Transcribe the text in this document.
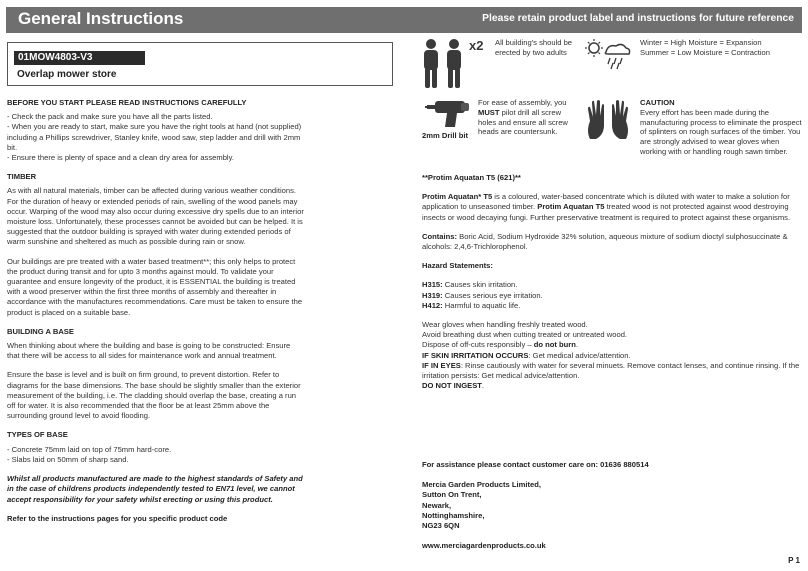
General Instructions	Please retain product label and instructions for future reference
01MOW4803-V3
Overlap mower store
BEFORE YOU START PLEASE READ INSTRUCTIONS CAREFULLY
- Check the pack and make sure you have all the parts listed.
- When you are ready to start, make sure you have the right tools at hand (not supplied) including a Phillips screwdriver, Stanley knife, wood saw, step ladder and drill with 2mm bit.
- Ensure there is plenty of space and a clean dry area for assembly.
TIMBER
As with all natural materials, timber can be affected during various weather conditions. For the duration of heavy or extended periods of rain, swelling of the wood panels may occur. Warping of the wood may also occur during excessive dry spells due to an interior moisture loss. Unfortunately, these processes cannot be avoided but can be helped. It is suggested that the outdoor building is sprayed with water during extended periods of warm sunshine and sheltered as much as possible during rain or snow.
Our buildings are pre treated with a water based treatment**; this only helps to protect the product during transit and for upto 3 months against mould. To validate your guarantee and ensure longevity of the product, it is ESSENTIAL the building is treated with a wood preserver within the first three months of assembly and thereafter in accordance with the manufactures recommendations. Care must be taken to ensure the product is placed on a suitable base.
BUILDING A BASE
When thinking about where the building and base is going to be constructed: Ensure that there will be access to all sides for maintenance work and annual treatment.
Ensure the base is level and is built on firm ground, to prevent distortion. Refer to diagrams for the base dimensions. The base should be slightly smaller than the exterior measurement of the building, i.e. The cladding should overlap the base, creating a run off for water. It is also recommended that the floor be at least 25mm above the surrounding ground level to avoid flooding.
TYPES OF BASE
- Concrete 75mm laid on top of 75mm hard-core.
- Slabs laid on 50mm of sharp sand.
Whilst all products manufactured are made to the highest standards of Safety and in the case of childrens products independently tested to EN71 level, we cannot accept responsibility for your safety whilst erecting or using this product.
Refer to the instructions pages for you specific product code
x2 All building's should be erected by two adults
Winter = High Moisture = Expansion
Summer = Low Moisture = Contraction
2mm Drill bit
For ease of assembly, you MUST pilot drill all screw holes and ensure all screw heads are countersunk.
CAUTION
Every effort has been made during the manufacturing process to eliminate the prospect of splinters on rough surfaces of the timber. You are strongly advised to wear gloves when working with or handling rough sawn timber.
**Protim Aquatan T5 (621)**
Protim Aquatan* T5 is a coloured, water-based concentrate which is diluted with water to make a solution for application to unseasoned timber. Protim Aquatan T5 treated wood is not protected against wood destroying insects or wood decaying fungi. Further preservative treatment is required to protect against these organisms.
Contains: Boric Acid, Sodium Hydroxide 32% solution, aqueous mixture of sodium dioctyl sulphosuccinate & alcohols: 2,4,6-Trichlorophenol.
Hazard Statements:
H315: Causes skin irritation.
H319: Causes serious eye irritation.
H412: Harmful to aquatic life.
Wear gloves when handling freshly treated wood.
Avoid breathing dust when cutting treated or untreated wood.
Dispose of off-cuts responsibly – do not burn.
IF SKIN IRRITATION OCCURS: Get medical advice/attention.
IF IN EYES: Rinse cautiously with water for several minuets. Remove contact lenses, and continue rinsing. If the irritation persists: Get medical advice/attention.
DO NOT INGEST.
For assistance please contact customer care on: 01636 880514
Mercia Garden Products Limited,
Sutton On Trent,
Newark,
Nottinghamshire,
NG23 6QN
www.merciagardenproducts.co.uk
P 1
